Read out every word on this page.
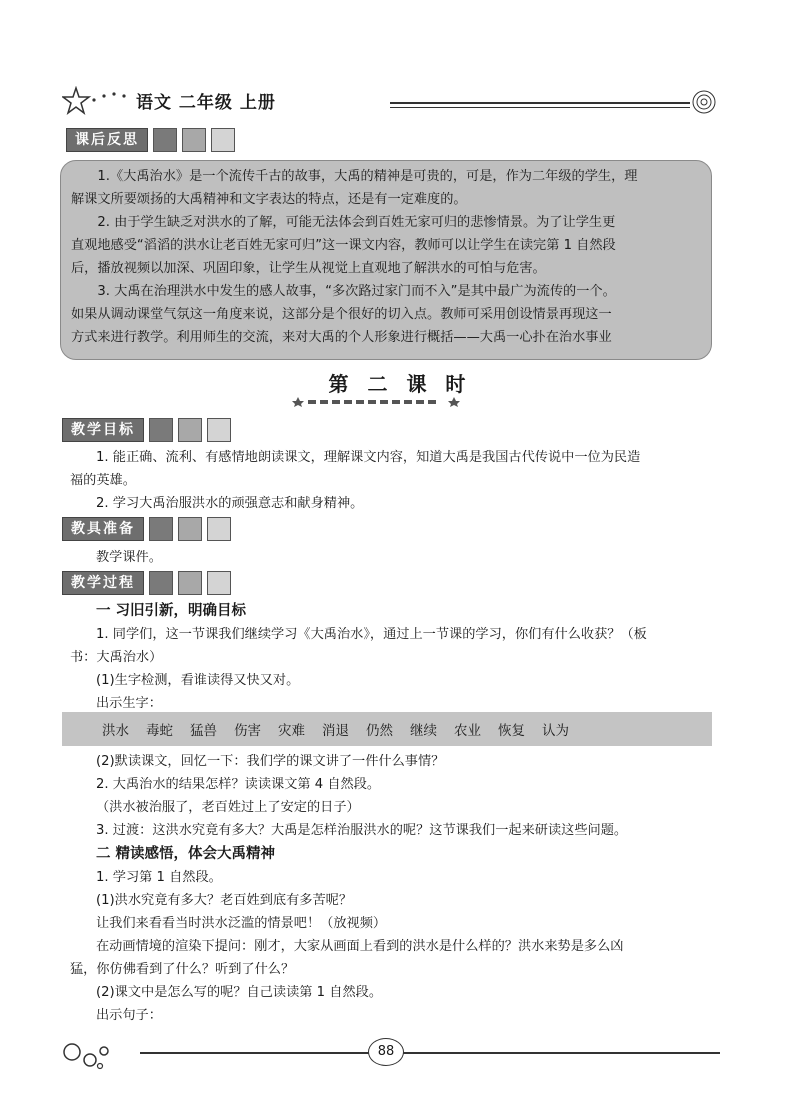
语文 二年级 上册
课后反思

1.《大禹治水》是一个流传千古的故事，大禹的精神是可贵的，可是，作为二年级的学生，理

解课文所要颂扬的大禹精神和文字表达的特点，还是有一定难度的。

2. 由于学生缺乏对洪水的了解，可能无法体会到百姓无家可归的悲惨情景。为了让学生更

直观地感受“滔滔的洪水让老百姓无家可归”这一课文内容，教师可以让学生在读完第 1 自然段

后，播放视频以加深、巩固印象，让学生从视觉上直观地了解洪水的可怕与危害。

3. 大禹在治理洪水中发生的感人故事，“多次路过家门而不入”是其中最广为流传的一个。

如果从调动课堂气氛这一角度来说，这部分是个很好的切入点。教师可采用创设情景再现这一

方式来进行教学。利用师生的交流，来对大禹的个人形象进行概括——大禹一心扑在治水事业

第 二 课 时
教学目标

1. 能正确、流利、有感情地朗读课文，理解课文内容，知道大禹是我国古代传说中一位为民造

福的英雄。

2. 学习大禹治服洪水的顽强意志和献身精神。

教具准备

教学课件。

教学过程

一 习旧引新，明确目标

1. 同学们，这一节课我们继续学习《大禹治水》，通过上一节课的学习，你们有什么收获？（板

书：大禹治水）

(1)生字检测，看谁读得又快又对。

出示生字：

洪水 毒蛇 猛兽 伤害 灾难 消退 仍然 继续 农业 恢复 认为

(2)默读课文，回忆一下：我们学的课文讲了一件什么事情？

2. 大禹治水的结果怎样？读读课文第 4 自然段。

（洪水被治服了，老百姓过上了安定的日子）

3. 过渡：这洪水究竟有多大？大禹是怎样治服洪水的呢？这节课我们一起来研读这些问题。

二 精读感悟，体会大禹精神

1. 学习第 1 自然段。

(1)洪水究竟有多大？老百姓到底有多苦呢？

让我们来看看当时洪水泛滥的情景吧！（放视频）

在动画情境的渲染下提问：刚才，大家从画面上看到的洪水是什么样的？洪水来势是多么凶

猛，你仿佛看到了什么？听到了什么？

(2)课文中是怎么写的呢？自己读读第 1 自然段。

出示句子：

88
